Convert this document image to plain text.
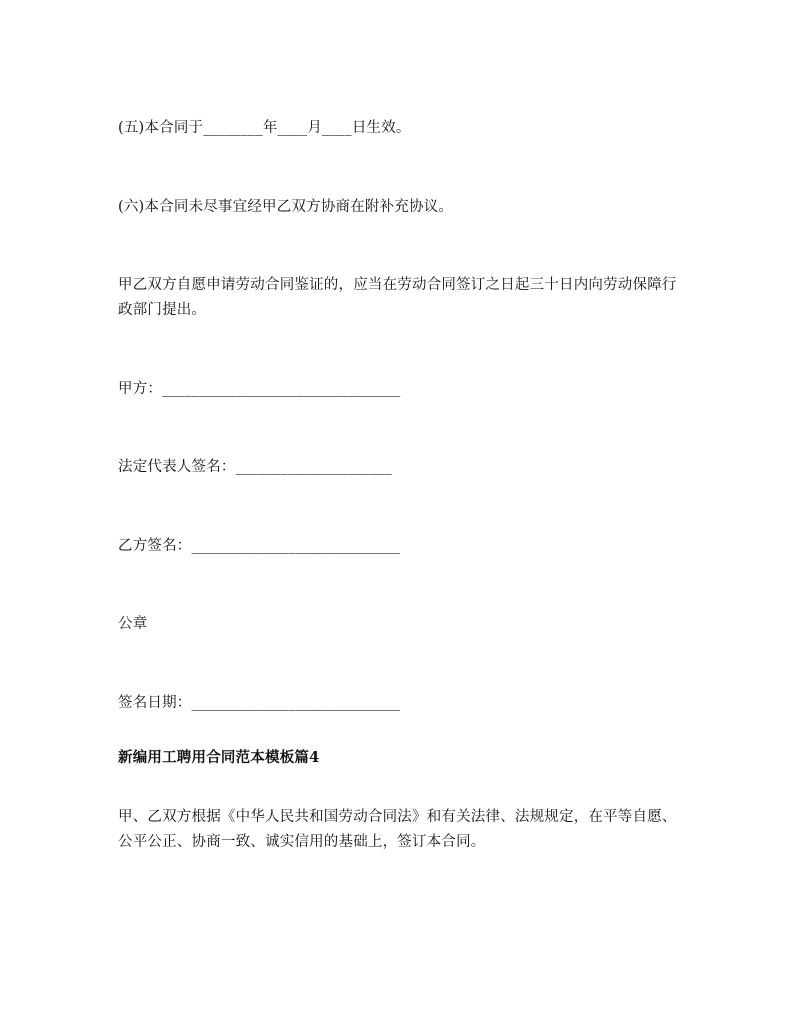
(五)本合同于________年____月____日生效。
(六)本合同未尽事宜经甲乙双方协商在附补充协议。
甲乙双方自愿申请劳动合同鉴证的，应当在劳动合同签订之日起三十日内向劳动保障行政部门提出。
甲方：________________________________
法定代表人签名：_____________________
乙方签名：____________________________
公章
签名日期：____________________________
新编用工聘用合同范本模板篇4
甲、乙双方根据《中华人民共和国劳动合同法》和有关法律、法规规定，在平等自愿、公平公正、协商一致、诚实信用的基础上，签订本合同。
